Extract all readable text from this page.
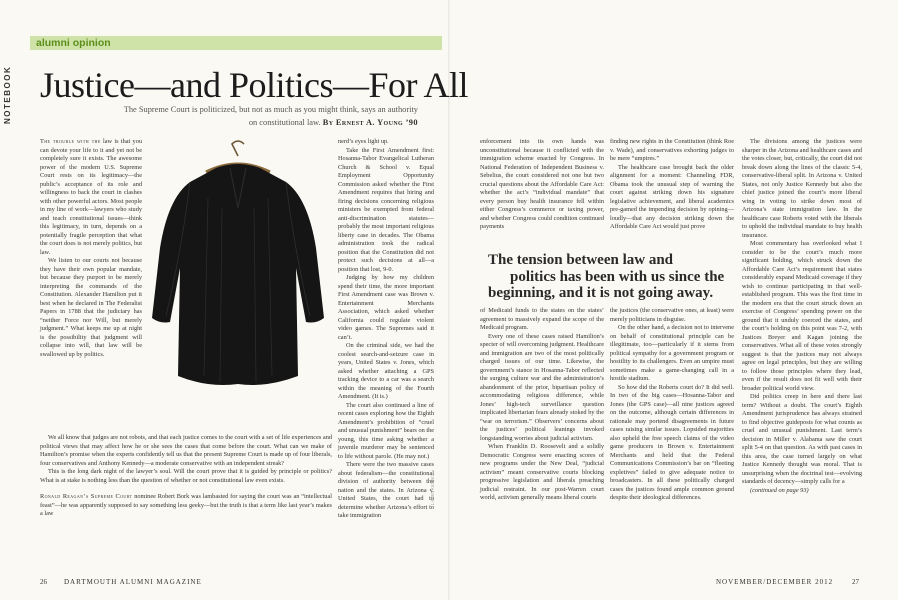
NOTEBOOK
alumni opinion
Justice—and Politics—For All
The Supreme Court is politicized, but not as much as you might think, says an authority
on constitutional law. By Ernest A. Young ’90

The trouble with the law is that you can devote your life to it and yet not be completely sure it exists. The awesome power of the modern U.S. Supreme Court rests on its legitimacy—the public’s acceptance of its role and willingness to back the court in clashes with other powerful actors. Most people in my line of work—lawyers who study and teach constitutional issues—think this legitimacy, in turn, depends on a potentially fragile perception that what the court does is not merely politics, but law.

We listen to our courts not because they have their own popular mandate, but because they purport to be merely interpreting the commands of the Constitution. Alexander Hamilton put it best when he declared in The Federalist Papers in 1788 that the judiciary has “neither Force nor Will, but merely judgment.” What keeps me up at night is the possibility that judgment will collapse into will, that law will be swallowed up by politics.

We all know that judges are not robots, and that each justice comes to the court with a set of life experiences and political views that may affect how he or she sees the cases that come before the court. What can we make of Hamilton’s promise when the experts confidently tell us that the present Supreme Court is made up of four liberals, four conservatives and Anthony Kennedy—a moderate conservative with an independent streak?

This is the long dark night of the lawyer’s soul. Will the court prove that it is guided by principle or politics? What is at stake is nothing less than the question of whether or not constitutional law even exists.

Ronald Reagan’s Supreme Court nominee Robert Bork was lambasted for saying the court was an “intellectual feast”—he was apparently supposed to say something less geeky—but the truth is that a term like last year’s makes a law

nerd’s eyes light up.

Take the First Amendment first: Hosanna-Tabor Evangelical Lutheran Church & School v. Equal Employment Opportunity Commission asked whether the First Amendment requires that hiring and firing decisions concerning religious ministers be exempted from federal anti-discrimination statutes—probably the most important religious liberty case in decades. The Obama administration took the radical position that the Constitution did not protect such decisions at all—a position that lost, 9-0.

Judging by how my children spend their time, the more important First Amendment case was Brown v. Entertainment Merchants Association, which asked whether California could regulate violent video games. The Supremes said it can’t.

On the criminal side, we had the coolest search-and-seizure case in years, United States v. Jones, which asked whether attaching a GPS tracking device to a car was a search within the meaning of the Fourth Amendment. (It is.)

The court also continued a line of recent cases exploring how the Eighth Amendment’s prohibition of “cruel and unusual punishment” bears on the young, this time asking whether a juvenile murderer may be sentenced to life without parole. (He may not.)

There were the two massive cases about federalism—the constitutional division of authority between the nation and the states. In Arizona v. United States, the court had to determine whether Arizona’s effort to take immigration

LARRY GOING

enforcement into its own hands was unconstitutional because it conflicted with the immigration scheme enacted by Congress. In National Federation of Independent Business v. Sebelius, the court considered not one but two crucial questions about the Affordable Care Act: whether the act’s “individual mandate” that every person buy health insurance fell within either Congress’s commerce or taxing power, and whether Congress could condition continued payments

finding new rights in the Constitution (think Roe v. Wade), and conservatives exhorting judges to be mere “umpires.”

The healthcare case brought back the older alignment for a moment: Channeling FDR, Obama took the unusual step of warning the court against striking down his signature legislative achievement, and liberal academics pre-gamed the impending decision by opining—loudly—that any decision striking down the Affordable Care Act would just prove

The tension between law and
politics has been with us since the
beginning, and it is not going away.

of Medicaid funds to the states on the states’ agreement to massively expand the scope of the Medicaid program.

Every one of these cases raised Hamilton’s specter of will overcoming judgment. Healthcare and immigration are two of the most politically charged issues of our time. Likewise, the government’s stance in Hosanna-Tabor reflected the surging culture war and the administration’s abandonment of the prior, bipartisan policy of accommodating religious difference, while Jones’ high-tech surveillance question implicated libertarian fears already stoked by the “war on terrorism.” Observers’ concerns about the justices’ political leanings invoked longstanding worries about judicial activism.

When Franklin D. Roosevelt and a solidly Democratic Congress were enacting scores of new programs under the New Deal, “judicial activism” meant conservative courts blocking progressive legislation and liberals preaching judicial restraint. In our post-Warren court world, activism generally means liberal courts

the justices (the conservative ones, at least) were merely politicians in disguise.

On the other hand, a decision not to intervene on behalf of constitutional principle can be illegitimate, too—particularly if it stems from political sympathy for a government program or hostility to its challengers. Even an umpire must sometimes make a game-changing call in a hostile stadium.

So how did the Roberts court do? It did well. In two of the big cases—Hosanna-Tabor and Jones (the GPS case)—all nine justices agreed on the outcome, although certain differences in rationale may portend disagreements in future cases raising similar issues. Lopsided majorities also upheld the free speech claims of the video game producers in Brown v. Entertainment Merchants and held that the Federal Communications Commission’s bar on “fleeting expletives” failed to give adequate notice to broadcasters. In all these politically charged cases the justices found ample common ground despite their ideological differences.

The divisions among the justices were sharper in the Arizona and healthcare cases and the votes closer, but, critically, the court did not break down along the lines of the classic 5-4, conservative-liberal split. In Arizona v. United States, not only Justice Kennedy but also the chief justice joined the court’s more liberal wing in voting to strike down most of Arizona’s state immigration law. In the healthcare case Roberts voted with the liberals to uphold the individual mandate to buy health insurance.

Most commentary has overlooked what I consider to be the court’s much more significant holding, which struck down the Affordable Care Act’s requirement that states considerably expand Medicaid coverage if they wish to continue participating in that well-established program. This was the first time in the modern era that the court struck down an exercise of Congress’ spending power on the ground that it unduly coerced the states, and the court’s holding on this point was 7-2, with Justices Breyer and Kagan joining the conservatives. What all of these votes strongly suggest is that the justices may not always agree on legal principles, but they are willing to follow those principles where they lead, even if the result does not fit well with their broader political world view.

Did politics creep in here and there last term? Without a doubt. The court’s Eighth Amendment jurisprudence has always strained to find objective guideposts for what counts as cruel and unusual punishment. Last term’s decision in Miller v. Alabama saw the court split 5-4 on that question. As with past cases in this area, the case turned largely on what Justice Kennedy thought was moral. That is unsurprising when the doctrinal test—evolving standards of decency—simply calls for a

(continued on page 93)

26 DARTMOUTH ALUMNI MAGAZINE	NOVEMBER/DECEMBER 2012	27
